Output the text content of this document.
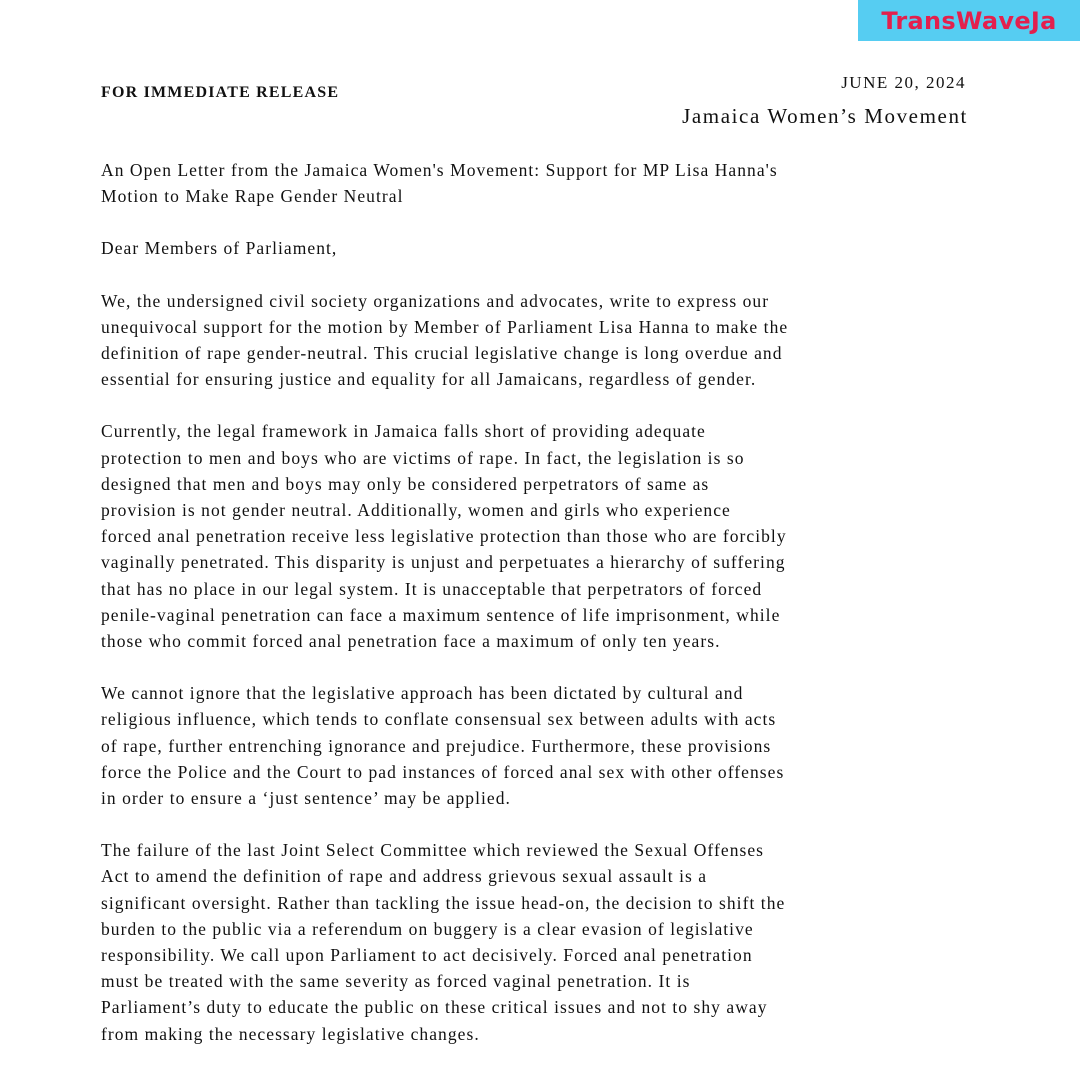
TransWaveJa
FOR IMMEDIATE RELEASE
JUNE 20, 2024
Jamaica Women’s Movement

An Open Letter from the Jamaica Women's Movement: Support for MP Lisa Hanna's
Motion to Make Rape Gender Neutral

Dear Members of Parliament,

We, the undersigned civil society organizations and advocates, write to express our
unequivocal support for the motion by Member of Parliament Lisa Hanna to make the
definition of rape gender-neutral. This crucial legislative change is long overdue and
essential for ensuring justice and equality for all Jamaicans, regardless of gender.

Currently, the legal framework in Jamaica falls short of providing adequate
protection to men and boys who are victims of rape. In fact, the legislation is so
designed that men and boys may only be considered perpetrators of same as
provision is not gender neutral. Additionally, women and girls who experience
forced anal penetration receive less legislative protection than those who are forcibly
vaginally penetrated. This disparity is unjust and perpetuates a hierarchy of suffering
that has no place in our legal system. It is unacceptable that perpetrators of forced
penile-vaginal penetration can face a maximum sentence of life imprisonment, while
those who commit forced anal penetration face a maximum of only ten years.

We cannot ignore that the legislative approach has been dictated by cultural and
religious influence, which tends to conflate consensual sex between adults with acts
of rape, further entrenching ignorance and prejudice. Furthermore, these provisions
force the Police and the Court to pad instances of forced anal sex with other offenses
in order to ensure a ‘just sentence’ may be applied.

The failure of the last Joint Select Committee which reviewed the Sexual Offenses
Act to amend the definition of rape and address grievous sexual assault is a
significant oversight. Rather than tackling the issue head-on, the decision to shift the
burden to the public via a referendum on buggery is a clear evasion of legislative
responsibility. We call upon Parliament to act decisively. Forced anal penetration
must be treated with the same severity as forced vaginal penetration. It is
Parliament’s duty to educate the public on these critical issues and not to shy away
from making the necessary legislative changes.
